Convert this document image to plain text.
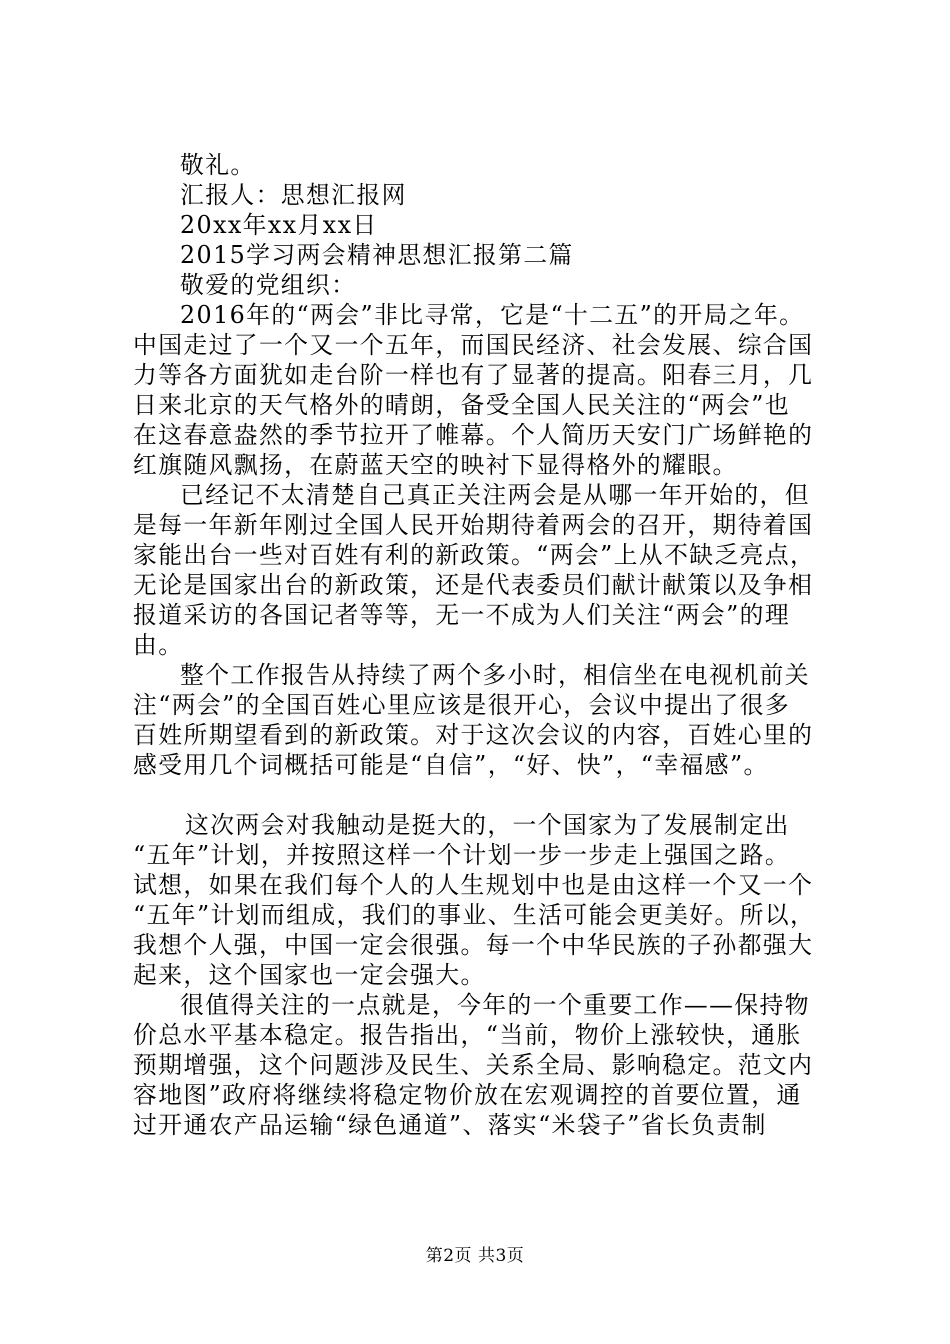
敬礼。
汇报人：思想汇报网
20xx年xx月xx日
2015学习两会精神思想汇报第二篇
敬爱的党组织：
2016年的“两会”非比寻常，它是“十二五”的开局之年。
中国走过了一个又一个五年，而国民经济、社会发展、综合国
力等各方面犹如走台阶一样也有了显著的提高。阳春三月，几
日来北京的天气格外的晴朗，备受全国人民关注的“两会”也
在这春意盎然的季节拉开了帷幕。个人简历天安门广场鲜艳的
红旗随风飘扬，在蔚蓝天空的映衬下显得格外的耀眼。
已经记不太清楚自己真正关注两会是从哪一年开始的，但
是每一年新年刚过全国人民开始期待着两会的召开，期待着国
家能出台一些对百姓有利的新政策。“两会”上从不缺乏亮点，
无论是国家出台的新政策，还是代表委员们献计献策以及争相
报道采访的各国记者等等，无一不成为人们关注“两会”的理
由。
整个工作报告从持续了两个多小时，相信坐在电视机前关
注“两会”的全国百姓心里应该是很开心，会议中提出了很多
百姓所期望看到的新政策。对于这次会议的内容，百姓心里的
感受用几个词概括可能是“自信”，“好、快”，“幸福感”。
这次两会对我触动是挺大的，一个国家为了发展制定出
“五年”计划，并按照这样一个计划一步一步走上强国之路。
试想，如果在我们每个人的人生规划中也是由这样一个又一个
“五年”计划而组成，我们的事业、生活可能会更美好。所以，
我想个人强，中国一定会很强。每一个中华民族的子孙都强大
起来，这个国家也一定会强大。
很值得关注的一点就是，今年的一个重要工作——保持物
价总水平基本稳定。报告指出，“当前，物价上涨较快，通胀
预期增强，这个问题涉及民生、关系全局、影响稳定。范文内
容地图”政府将继续将稳定物价放在宏观调控的首要位置，通
过开通农产品运输“绿色通道”、落实“米袋子”省长负责制
第2页 共3页
